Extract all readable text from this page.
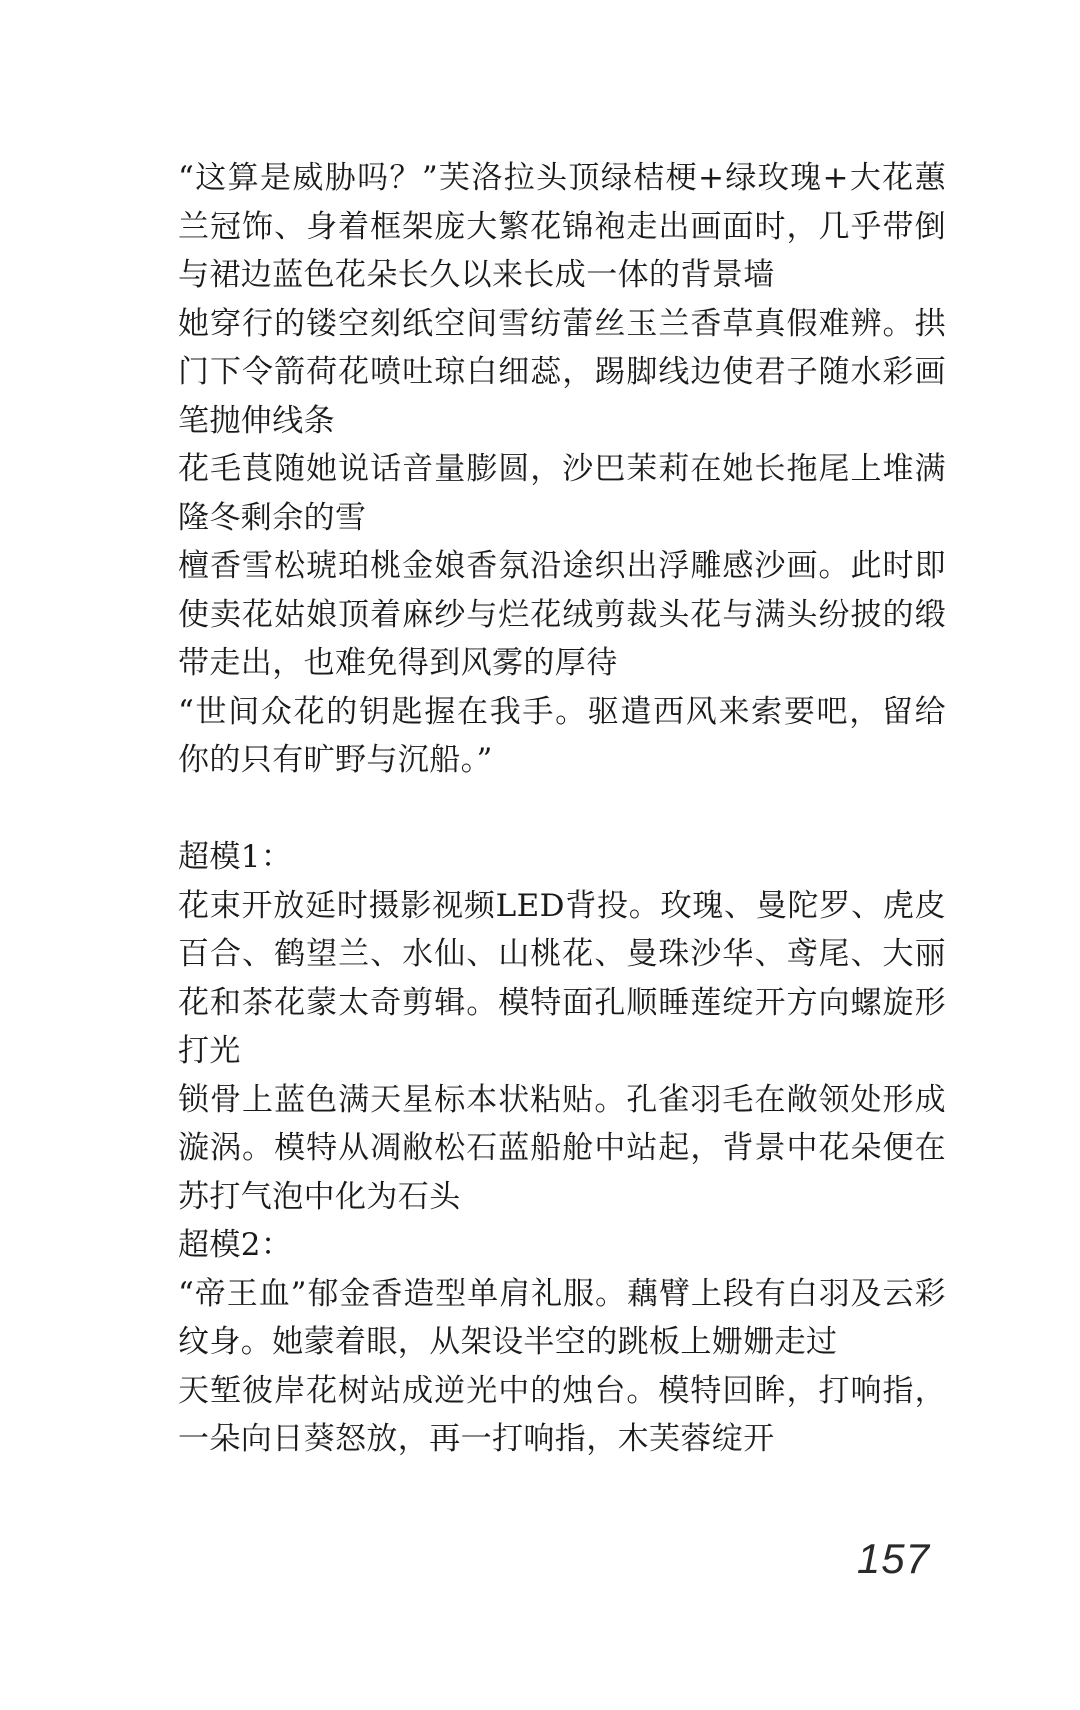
“这算是威胁吗？”芙洛拉头顶绿桔梗+绿玫瑰+大花蕙兰冠饰、身着框架庞大繁花锦袍走出画面时，几乎带倒与裙边蓝色花朵长久以来长成一体的背景墙

她穿行的镂空刻纸空间雪纺蕾丝玉兰香草真假难辨。拱门下令箭荷花喷吐琼白细蕊，踢脚线边使君子随水彩画笔抛伸线条

花毛茛随她说话音量膨圆，沙巴茉莉在她长拖尾上堆满隆冬剩余的雪

檀香雪松琥珀桃金娘香氛沿途织出浮雕感沙画。此时即使卖花姑娘顶着麻纱与烂花绒剪裁头花与满头纷披的缎带走出，也难免得到风雾的厚待

“世间众花的钥匙握在我手。驱遣西风来索要吧，留给你的只有旷野与沉船。”

超模1：

花束开放延时摄影视频LED背投。玫瑰、曼陀罗、虎皮百合、鹤望兰、水仙、山桃花、曼珠沙华、鸢尾、大丽花和茶花蒙太奇剪辑。模特面孔顺睡莲绽开方向螺旋形打光

锁骨上蓝色满天星标本状粘贴。孔雀羽毛在敞领处形成漩涡。模特从凋敝松石蓝船舱中站起，背景中花朵便在苏打气泡中化为石头

超模2：

“帝王血”郁金香造型单肩礼服。藕臂上段有白羽及云彩纹身。她蒙着眼，从架设半空的跳板上姗姗走过

天堑彼岸花树站成逆光中的烛台。模特回眸，打响指，一朵向日葵怒放，再一打响指，木芙蓉绽开

157
